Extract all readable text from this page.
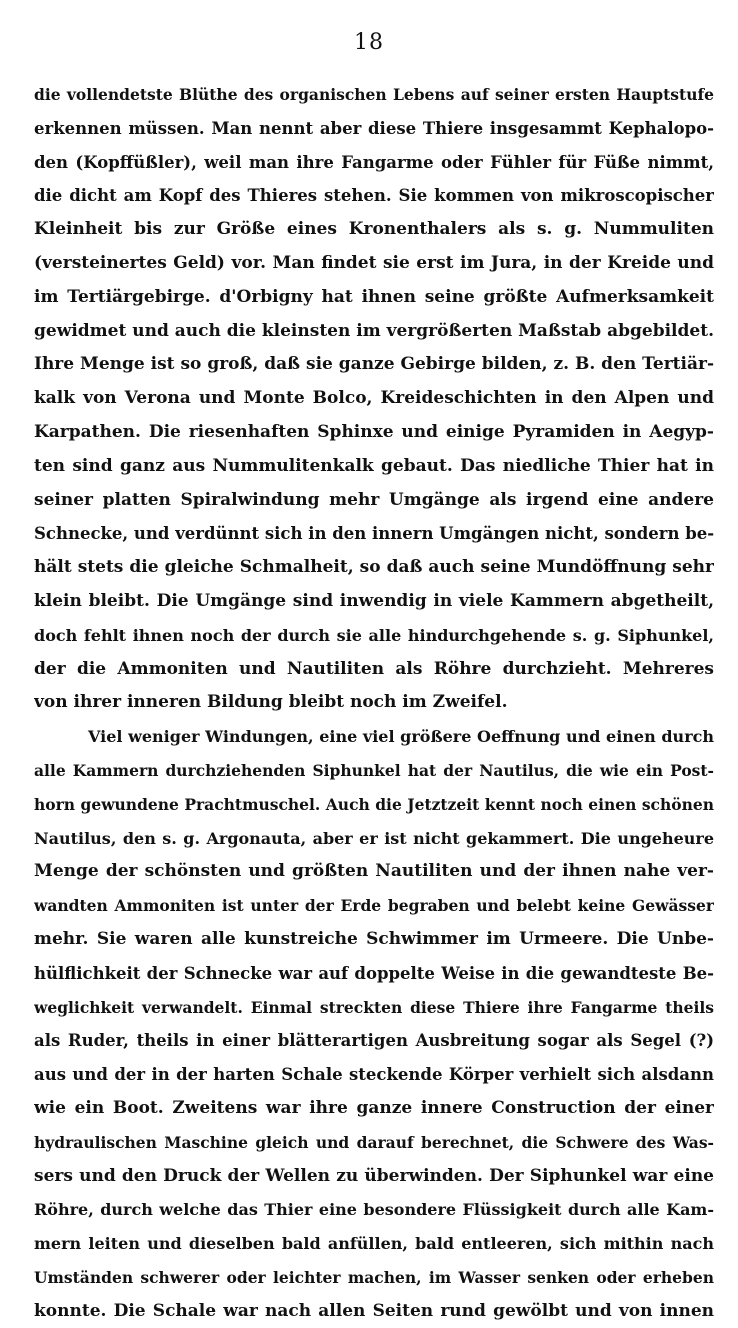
18
die vollendetste Blüthe des organischen Lebens auf seiner ersten Hauptstufe
erkennen müssen. Man nennt aber diese Thiere insgesammt Kephalopo-
den (Kopffüßler), weil man ihre Fangarme oder Fühler für Füße nimmt,
die dicht am Kopf des Thieres stehen. Sie kommen von mikroscopischer
Kleinheit bis zur Größe eines Kronenthalers als s. g. Nummuliten
(versteinertes Geld) vor. Man findet sie erst im Jura, in der Kreide und
im Tertiärgebirge. d'Orbigny hat ihnen seine größte Aufmerksamkeit
gewidmet und auch die kleinsten im vergrößerten Maßstab abgebildet.
Ihre Menge ist so groß, daß sie ganze Gebirge bilden, z. B. den Tertiär-
kalk von Verona und Monte Bolco, Kreideschichten in den Alpen und
Karpathen. Die riesenhaften Sphinxe und einige Pyramiden in Aegyp-
ten sind ganz aus Nummulitenkalk gebaut. Das niedliche Thier hat in
seiner platten Spiralwindung mehr Umgänge als irgend eine andere
Schnecke, und verdünnt sich in den innern Umgängen nicht, sondern be-
hält stets die gleiche Schmalheit, so daß auch seine Mundöffnung sehr
klein bleibt. Die Umgänge sind inwendig in viele Kammern abgetheilt,
doch fehlt ihnen noch der durch sie alle hindurchgehende s. g. Siphunkel,
der die Ammoniten und Nautiliten als Röhre durchzieht. Mehreres
von ihrer inneren Bildung bleibt noch im Zweifel.
Viel weniger Windungen, eine viel größere Oeffnung und einen durch
alle Kammern durchziehenden Siphunkel hat der Nautilus, die wie ein Post-
horn gewundene Prachtmuschel. Auch die Jetztzeit kennt noch einen schönen
Nautilus, den s. g. Argonauta, aber er ist nicht gekammert. Die ungeheure
Menge der schönsten und größten Nautiliten und der ihnen nahe ver-
wandten Ammoniten ist unter der Erde begraben und belebt keine Gewässer
mehr. Sie waren alle kunstreiche Schwimmer im Urmeere. Die Unbe-
hülflichkeit der Schnecke war auf doppelte Weise in die gewandteste Be-
weglichkeit verwandelt. Einmal streckten diese Thiere ihre Fangarme theils
als Ruder, theils in einer blätterartigen Ausbreitung sogar als Segel (?)
aus und der in der harten Schale steckende Körper verhielt sich alsdann
wie ein Boot. Zweitens war ihre ganze innere Construction der einer
hydraulischen Maschine gleich und darauf berechnet, die Schwere des Was-
sers und den Druck der Wellen zu überwinden. Der Siphunkel war eine
Röhre, durch welche das Thier eine besondere Flüssigkeit durch alle Kam-
mern leiten und dieselben bald anfüllen, bald entleeren, sich mithin nach
Umständen schwerer oder leichter machen, im Wasser senken oder erheben
konnte. Die Schale war nach allen Seiten rund gewölbt und von innen
